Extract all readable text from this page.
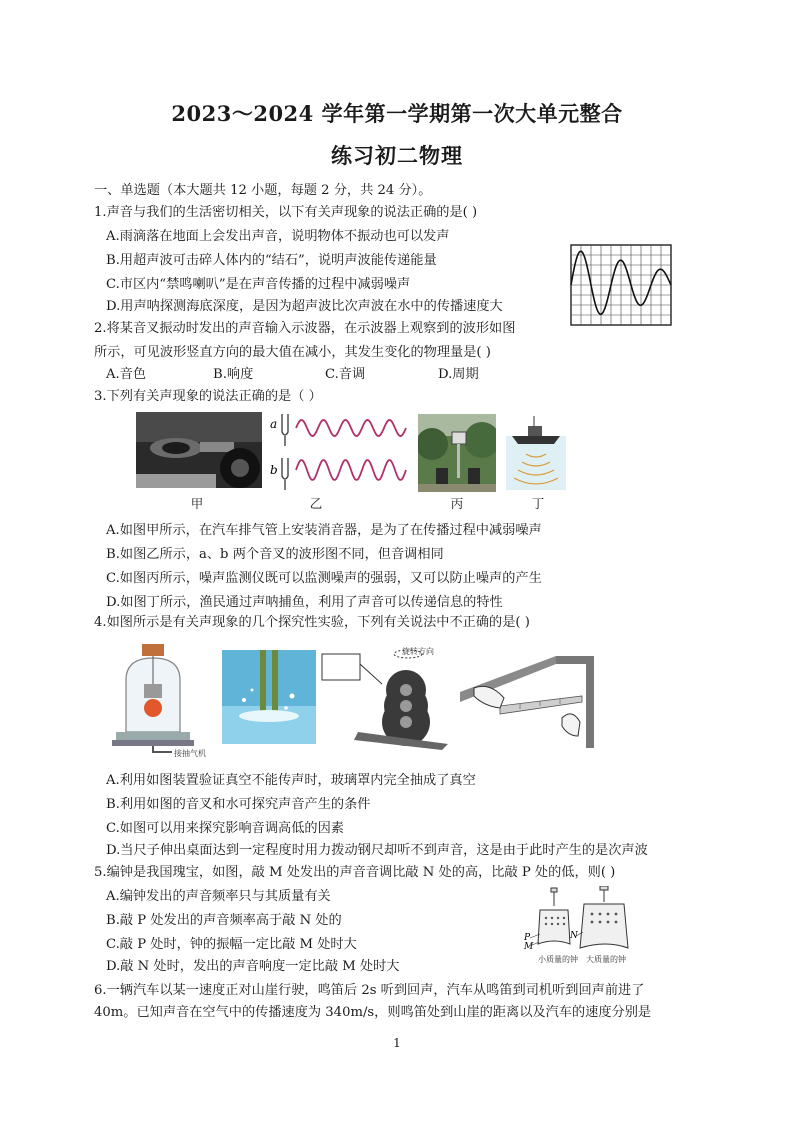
2023～2024 学年第一学期第一次大单元整合
练习初二物理
一、单选题（本大题共 12 小题，每题 2 分，共 24 分）。
1.声音与我们的生活密切相关，以下有关声现象的说法正确的是( )
A.雨滴落在地面上会发出声音，说明物体不振动也可以发声
B.用超声波可击碎人体内的“结石”，说明声波能传递能量
C.市区内“禁鸣喇叭”是在声音传播的过程中减弱噪声
D.用声呐探测海底深度，是因为超声波比次声波在水中的传播速度大
2.将某音叉振动时发出的声音输入示波器，在示波器上观察到的波形如图
所示，可见波形竖直方向的最大值在减小，其发生变化的物理量是( )
A.音色	B.响度	C.音调	D.周期
3.下列有关声现象的说法正确的是（ ）
甲
a
b
乙	丙	丁
A.如图甲所示，在汽车排气管上安装消音器，是为了在传播过程中减弱噪声
B.如图乙所示，a、b 两个音叉的波形图不同，但音调相同
C.如图丙所示，噪声监测仪既可以监测噪声的强弱，又可以防止噪声的产生
D.如图丁所示，渔民通过声呐捕鱼，利用了声音可以传递信息的特性
4.如图所示是有关声现象的几个探究性实验，下列有关说法中不正确的是( )
接抽气机
旋转方向
A.利用如图装置验证真空不能传声时，玻璃罩内完全抽成了真空
B.利用如图的音叉和水可探究声音产生的条件
C.如图可以用来探究影响音调高低的因素
D.当尺子伸出桌面达到一定程度时用力拨动钢尺却听不到声音，这是由于此时产生的是次声波
5.编钟是我国瑰宝，如图，敲 M 处发出的声音音调比敲 N 处的高，比敲 P 处的低，则( )
A.编钟发出的声音频率只与其质量有关
B.敲 P 处发出的声音频率高于敲 N 处的
C.敲 P 处时，钟的振幅一定比敲 M 处时大
D.敲 N 处时，发出的声音响度一定比敲 M 处时大
P
M
N
小质量的钟 大质量的钟
6.一辆汽车以某一速度正对山崖行驶，鸣笛后 2s 听到回声，汽车从鸣笛到司机听到回声前进了
40m。已知声音在空气中的传播速度为 340m/s，则鸣笛处到山崖的距离以及汽车的速度分别是
1
